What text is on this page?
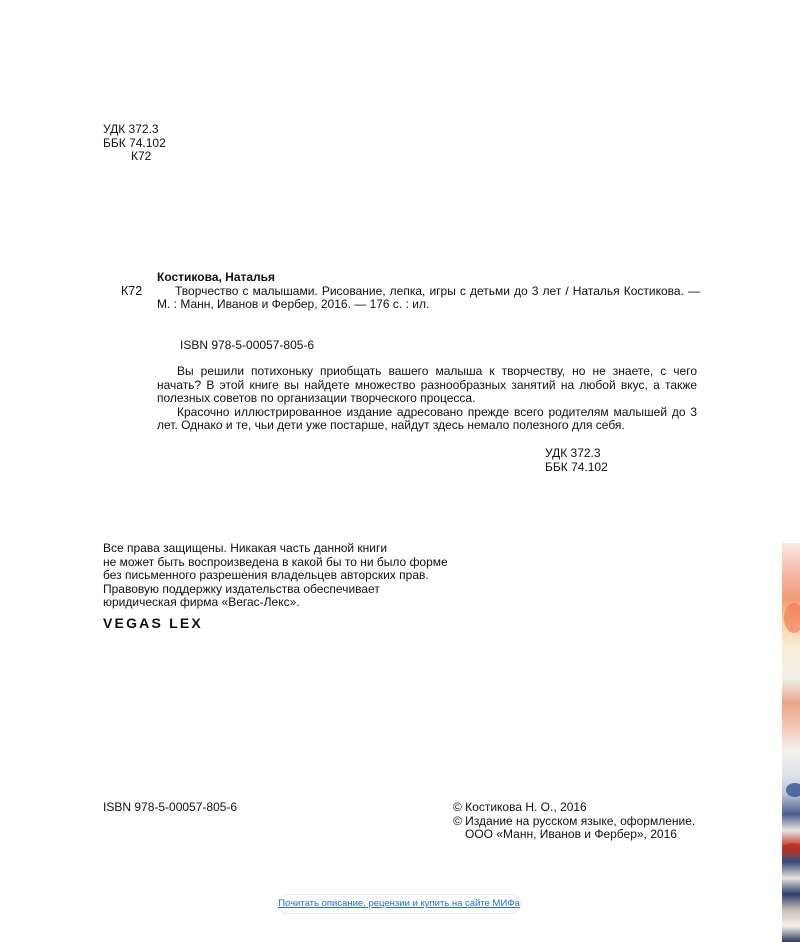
УДК 372.3
ББК 74.102
К72
К72
Костикова, Наталья
Творчество с малышами. Рисование, лепка, игры с детьми до 3 лет / Наталья Костикова. — М. : Манн, Иванов и Фербер, 2016. — 176 с. : ил.
ISBN 978-5-00057-805-6

Вы решили потихоньку приобщать вашего малыша к творчеству, но не знаете, с чего начать? В этой книге вы найдете множество разнообразных занятий на любой вкус, а также полезных советов по организации творческого процесса.

Красочно иллюстрированное издание адресовано прежде всего родителям малышей до 3 лет. Однако и те, чьи дети уже постарше, найдут здесь немало полезного для себя.

УДК 372.3
ББК 74.102
Все права защищены. Никакая часть данной книги
не может быть воспроизведена в какой бы то ни было форме
без письменного разрешения владельцев авторских прав.
Правовую поддержку издательства обеспечивает
юридическая фирма «Вегас-Лекс».
VEGAS LEX
ISBN 978-5-00057-805-6	© Костикова Н. О., 2016
© Издание на русском языке, оформление.
ООО «Манн, Иванов и Фербер», 2016
Почитать описание, рецензии и купить на сайте МИФа
